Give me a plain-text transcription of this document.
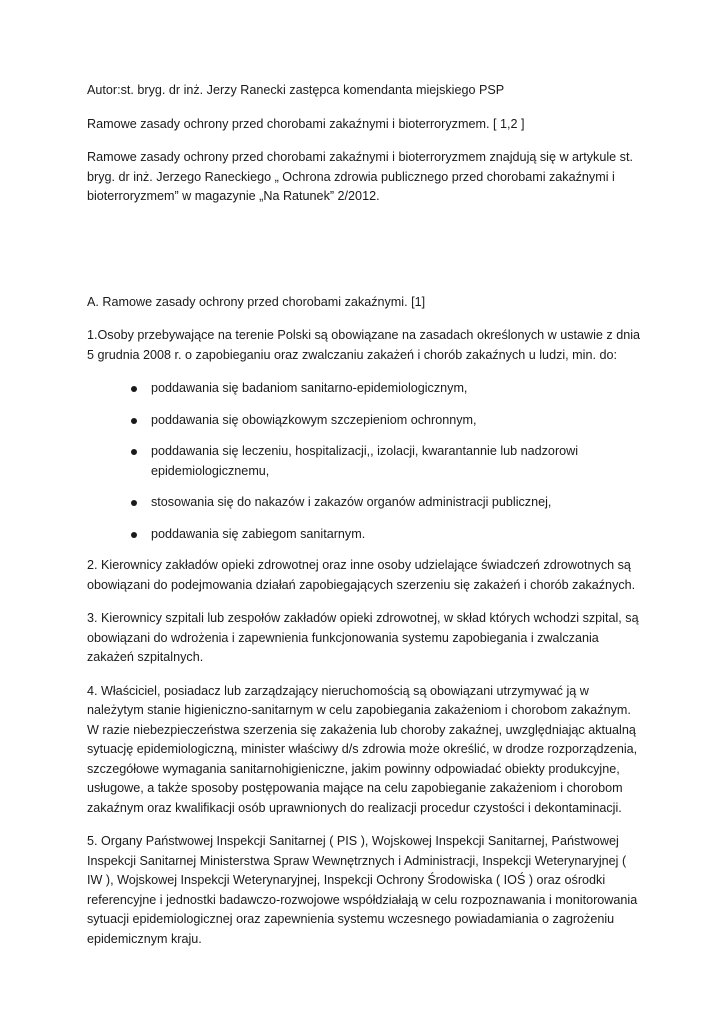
Autor:st. bryg. dr inż. Jerzy Ranecki zastępca komendanta miejskiego PSP

Ramowe zasady ochrony przed chorobami zakaźnymi i bioterroryzmem. [ 1,2 ]

Ramowe zasady ochrony przed chorobami zakaźnymi i bioterroryzmem znajdują się w artykule st. bryg. dr inż. Jerzego Raneckiego „ Ochrona zdrowia publicznego przed chorobami zakaźnymi i bioterroryzmem” w magazynie „Na Ratunek” 2/2012.

A. Ramowe zasady ochrony przed chorobami zakaźnymi. [1]

1.Osoby przebywające na terenie Polski są obowiązane na zasadach określonych w ustawie z dnia 5 grudnia 2008 r. o zapobieganiu oraz zwalczaniu zakażeń i chorób zakaźnych u ludzi, min. do:

poddawania się badaniom sanitarno-epidemiologicznym,
poddawania się obowiązkowym szczepieniom ochronnym,
poddawania się leczeniu, hospitalizacji,, izolacji, kwarantannie lub nadzorowi epidemiologicznemu,
stosowania się do nakazów i zakazów organów administracji publicznej,
poddawania się zabiegom sanitarnym.

2. Kierownicy zakładów opieki zdrowotnej oraz inne osoby udzielające świadczeń zdrowotnych są obowiązani do podejmowania działań zapobiegających szerzeniu się zakażeń i chorób zakaźnych.

3. Kierownicy szpitali lub zespołów zakładów opieki zdrowotnej, w skład których wchodzi szpital, są obowiązani do wdrożenia i zapewnienia funkcjonowania systemu zapobiegania i zwalczania zakażeń szpitalnych.

4. Właściciel, posiadacz lub zarządzający nieruchomością są obowiązani utrzymywać ją w należytym stanie higieniczno-sanitarnym w celu zapobiegania zakażeniom i chorobom zakaźnym. W razie niebezpieczeństwa szerzenia się zakażenia lub choroby zakaźnej, uwzględniając aktualną sytuację epidemiologiczną, minister właściwy d/s zdrowia może określić, w drodze rozporządzenia, szczegółowe wymagania sanitarnohigieniczne, jakim powinny odpowiadać obiekty produkcyjne, usługowe, a także sposoby postępowania mające na celu zapobieganie zakażeniom i chorobom zakaźnym oraz kwalifikacji osób uprawnionych do realizacji procedur czystości i dekontaminacji.

5. Organy Państwowej Inspekcji Sanitarnej ( PIS ), Wojskowej Inspekcji Sanitarnej, Państwowej Inspekcji Sanitarnej Ministerstwa Spraw Wewnętrznych i Administracji, Inspekcji Weterynaryjnej ( IW ), Wojskowej Inspekcji Weterynaryjnej, Inspekcji Ochrony Środowiska ( IOŚ ) oraz ośrodki referencyjne i jednostki badawczo-rozwojowe współdziałają w celu rozpoznawania i monitorowania sytuacji epidemiologicznej oraz zapewnienia systemu wczesnego powiadamiania o zagrożeniu epidemicznym kraju.
